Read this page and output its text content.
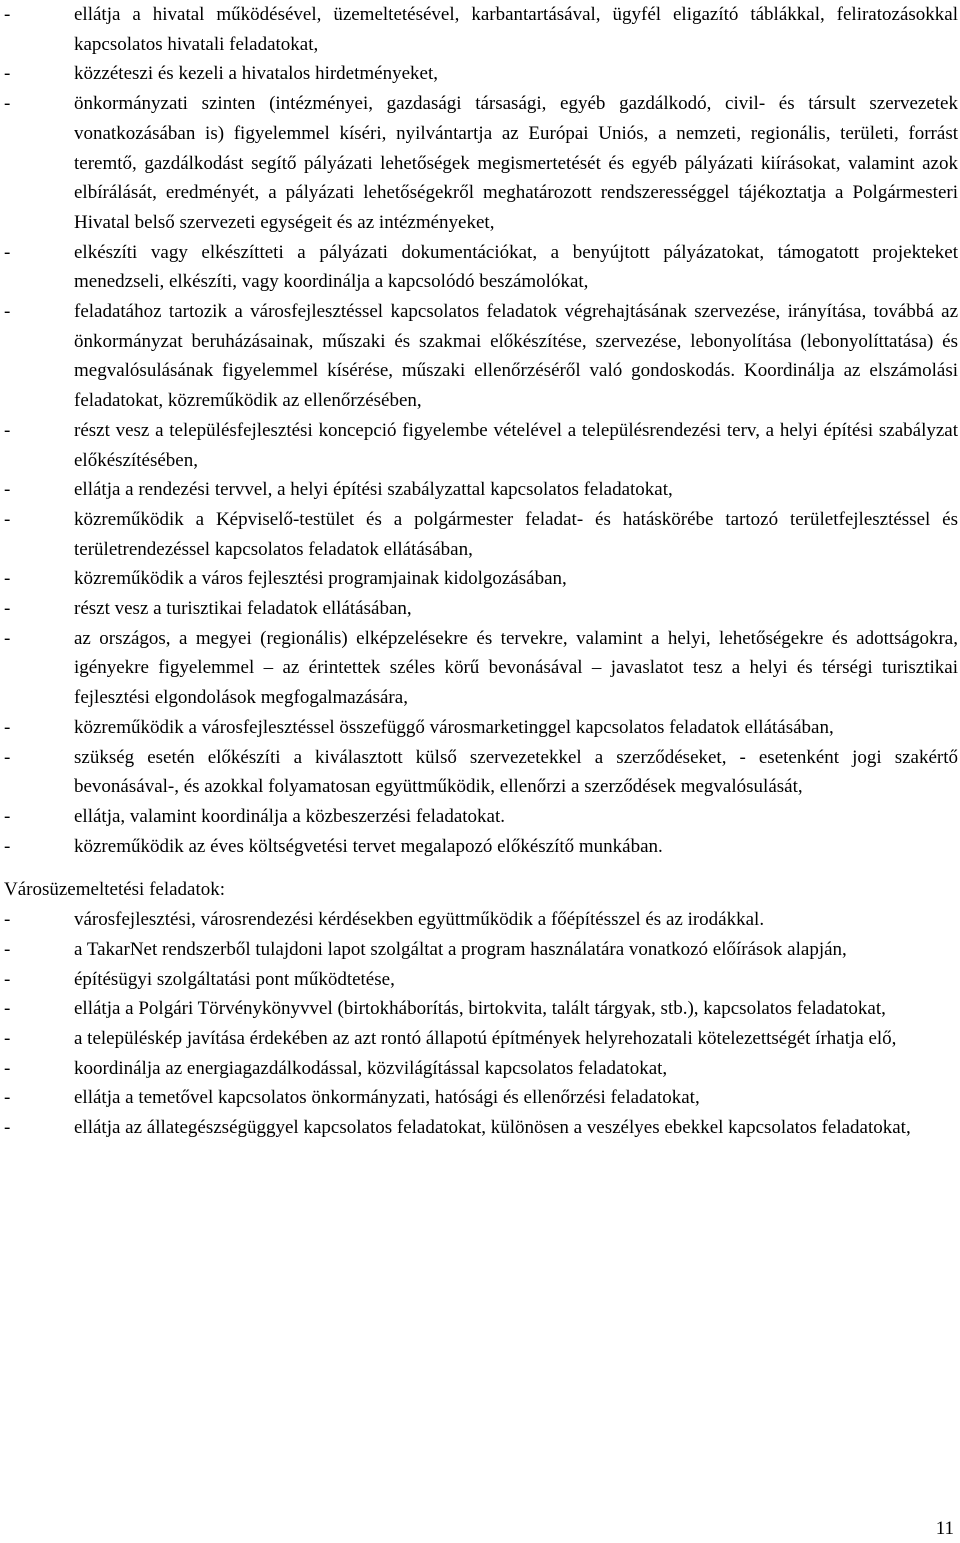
-	ellátja a hivatal működésével, üzemeltetésével, karbantartásával, ügyfél eligazító táblákkal, feliratozásokkal kapcsolatos hivatali feladatokat,
-	közzéteszi és kezeli a hivatalos hirdetményeket,
-	önkormányzati szinten (intézményei, gazdasági társasági, egyéb gazdálkodó, civil- és társult szervezetek vonatkozásában is) figyelemmel kíséri, nyilvántartja az Európai Uniós, a nemzeti, regionális, területi, forrást teremtő, gazdálkodást segítő pályázati lehetőségek megismertetését és egyéb pályázati kiírásokat, valamint azok elbírálását, eredményét, a pályázati lehetőségekről meghatározott rendszerességgel tájékoztatja a Polgármesteri Hivatal belső szervezeti egységeit és az intézményeket,
-	elkészíti vagy elkészítteti a pályázati dokumentációkat, a benyújtott pályázatokat, támogatott projekteket menedzseli, elkészíti, vagy koordinálja a kapcsolódó beszámolókat,
-	feladatához tartozik a városfejlesztéssel kapcsolatos feladatok végrehajtásának szervezése, irányítása, továbbá az önkormányzat beruházásainak, műszaki és szakmai előkészítése, szervezése, lebonyolítása (lebonyolíttatása) és megvalósulásának figyelemmel kísérése, műszaki ellenőrzéséről való gondoskodás. Koordinálja az elszámolási feladatokat, közreműködik az ellenőrzésében,
-	részt vesz a településfejlesztési koncepció figyelembe vételével a településrendezési terv, a helyi építési szabályzat előkészítésében,
-	ellátja a rendezési tervvel, a helyi építési szabályzattal kapcsolatos feladatokat,
-	közreműködik a Képviselő-testület és a polgármester feladat- és hatáskörébe tartozó területfejlesztéssel és területrendezéssel kapcsolatos feladatok ellátásában,
-	közreműködik a város fejlesztési programjainak kidolgozásában,
-	részt vesz a turisztikai feladatok ellátásában,
-	az országos, a megyei (regionális) elképzelésekre és tervekre, valamint a helyi, lehetőségekre és adottságokra, igényekre figyelemmel – az érintettek széles körű bevonásával – javaslatot tesz a helyi és térségi turisztikai fejlesztési elgondolások megfogalmazására,
-	közreműködik a városfejlesztéssel összefüggő városmarketinggel kapcsolatos feladatok ellátásában,
-	szükség esetén előkészíti a kiválasztott külső szervezetekkel a szerződéseket, - esetenként jogi szakértő bevonásával-, és azokkal folyamatosan együttműködik, ellenőrzi a szerződések megvalósulását,
-	ellátja, valamint koordinálja a közbeszerzési feladatokat.
-	közreműködik az éves költségvetési tervet megalapozó előkészítő munkában.
Városüzemeltetési feladatok:
-	városfejlesztési, városrendezési kérdésekben együttműködik a főépítésszel és az irodákkal.
-	a TakarNet rendszerből tulajdoni lapot szolgáltat a program használatára vonatkozó előírások alapján,
-	építésügyi szolgáltatási pont működtetése,
-	ellátja a Polgári Törvénykönyvvel (birtokháborítás, birtokvita, talált tárgyak, stb.), kapcsolatos feladatokat,
-	a településkép javítása érdekében az azt rontó állapotú építmények helyrehozatali kötelezettségét írhatja elő,
-	koordinálja az energiagazdálkodással, közvilágítással kapcsolatos feladatokat,
-	ellátja a temetővel kapcsolatos önkormányzati, hatósági és ellenőrzési feladatokat,
-	ellátja az állategészségüggyel kapcsolatos feladatokat, különösen a veszélyes ebekkel kapcsolatos feladatokat,
11
